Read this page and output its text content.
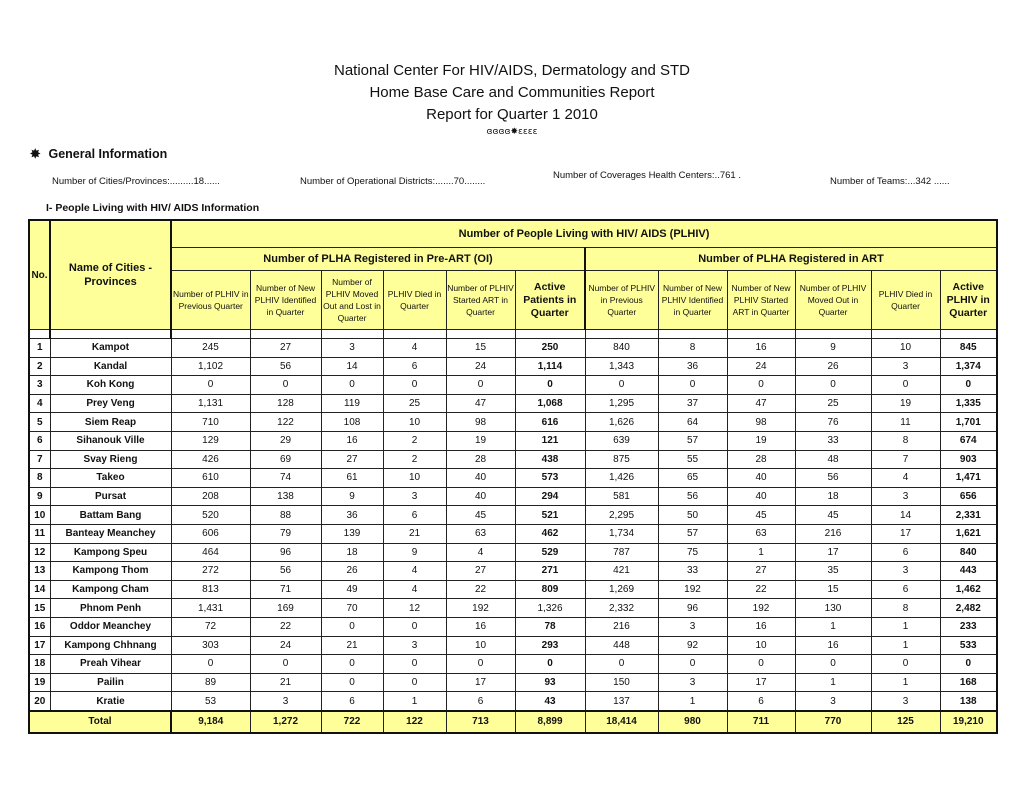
National Center For HIV/AIDS, Dermatology and STD
Home Base Care and Communities Report
Report for Quarter 1 2010
ɞɞɞɞ✸ɛɛɛɛ
✸ General Information
Number of Cities/Provinces:.........18......	Number of Operational Districts:.......70........
Number of Coverages Health Centers:..761 .
Number of Teams:...342 ......
I- People Living with HIV/ AIDS Information
No.	Name of Cities - Provinces	Number of People Living with HIV/ AIDS (PLHIV)											
		Number of PLHA Registered in Pre-ART (OI)						Number of PLHA Registered in ART					
		Number of PLHIV in Previous Quarter	Number of New PLHIV Identified in Quarter	Number of PLHIV Moved Out and Lost in Quarter	PLHIV Died in Quarter	Number of PLHIV Started ART in Quarter	Active Patients in Quarter	Number of PLHIV in Previous Quarter	Number of New PLHIV Identified in Quarter	Number of New PLHIV Started ART in Quarter	Number of PLHIV Moved Out in Quarter	PLHIV Died in Quarter	Active PLHIV in Quarter

1	Kampot	245	27	3	4	15	250	840	8	16	9	10	845
2	Kandal	1,102	56	14	6	24	1,114	1,343	36	24	26	3	1,374
3	Koh Kong	0	0	0	0	0	0	0	0	0	0	0	0
4	Prey Veng	1,131	128	119	25	47	1,068	1,295	37	47	25	19	1,335
5	Siem Reap	710	122	108	10	98	616	1,626	64	98	76	11	1,701
6	Sihanouk Ville	129	29	16	2	19	121	639	57	19	33	8	674
7	Svay Rieng	426	69	27	2	28	438	875	55	28	48	7	903
8	Takeo	610	74	61	10	40	573	1,426	65	40	56	4	1,471
9	Pursat	208	138	9	3	40	294	581	56	40	18	3	656
10	Battam Bang	520	88	36	6	45	521	2,295	50	45	45	14	2,331
11	Banteay Meanchey	606	79	139	21	63	462	1,734	57	63	216	17	1,621
12	Kampong Speu	464	96	18	9	4	529	787	75	1	17	6	840
13	Kampong Thom	272	56	26	4	27	271	421	33	27	35	3	443
14	Kampong Cham	813	71	49	4	22	809	1,269	192	22	15	6	1,462
15	Phnom Penh	1,431	169	70	12	192	1,326	2,332	96	192	130	8	2,482
16	Oddor Meanchey	72	22	0	0	16	78	216	3	16	1	1	233
17	Kampong Chhnang	303	24	21	3	10	293	448	92	10	16	1	533
18	Preah Vihear	0	0	0	0	0	0	0	0	0	0	0	0
19	Pailin	89	21	0	0	17	93	150	3	17	1	1	168
20	Kratie	53	3	6	1	6	43	137	1	6	3	3	138
Total		9,184	1,272	722	122	713	8,899	18,414	980	711	770	125	19,210
